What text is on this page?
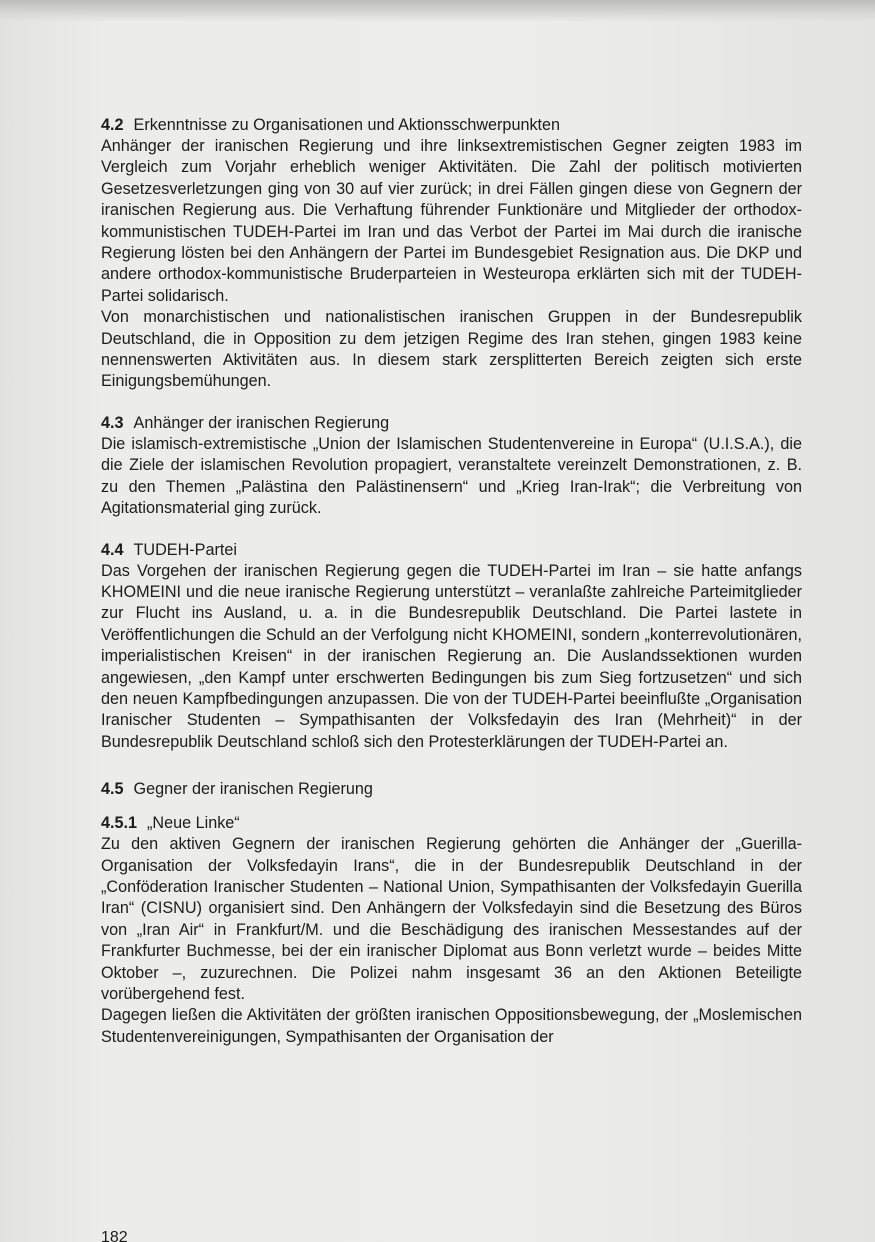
4.2 Erkenntnisse zu Organisationen und Aktionsschwerpunkten

Anhänger der iranischen Regierung und ihre linksextremistischen Gegner zeigten 1983 im Vergleich zum Vorjahr erheblich weniger Aktivitäten. Die Zahl der politisch motivierten Gesetzesverletzungen ging von 30 auf vier zurück; in drei Fällen gingen diese von Gegnern der iranischen Regierung aus. Die Verhaftung führender Funktionäre und Mitglieder der orthodox-kommunistischen TUDEH-Partei im Iran und das Verbot der Partei im Mai durch die iranische Regierung lösten bei den Anhängern der Partei im Bundesgebiet Resignation aus. Die DKP und andere orthodox-kommunistische Bruderparteien in Westeuropa erklärten sich mit der TUDEH-Partei solidarisch.

Von monarchistischen und nationalistischen iranischen Gruppen in der Bundesrepublik Deutschland, die in Opposition zu dem jetzigen Regime des Iran stehen, gingen 1983 keine nennenswerten Aktivitäten aus. In diesem stark zersplitterten Bereich zeigten sich erste Einigungsbemühungen.

4.3 Anhänger der iranischen Regierung

Die islamisch-extremistische „Union der Islamischen Studentenvereine in Europa“ (U.I.S.A.), die die Ziele der islamischen Revolution propagiert, veranstaltete vereinzelt Demonstrationen, z. B. zu den Themen „Palästina den Palästinensern“ und „Krieg Iran-Irak“; die Verbreitung von Agitationsmaterial ging zurück.

4.4 TUDEH-Partei

Das Vorgehen der iranischen Regierung gegen die TUDEH-Partei im Iran – sie hatte anfangs KHOMEINI und die neue iranische Regierung unterstützt – veranlaßte zahlreiche Parteimitglieder zur Flucht ins Ausland, u. a. in die Bundesrepublik Deutschland. Die Partei lastete in Veröffentlichungen die Schuld an der Verfolgung nicht KHOMEINI, sondern „konterrevolutionären, imperialistischen Kreisen“ in der iranischen Regierung an. Die Auslandssektionen wurden angewiesen, „den Kampf unter erschwerten Bedingungen bis zum Sieg fortzusetzen“ und sich den neuen Kampfbedingungen anzupassen. Die von der TUDEH-Partei beeinflußte „Organisation Iranischer Studenten – Sympathisanten der Volksfedayin des Iran (Mehrheit)“ in der Bundesrepublik Deutschland schloß sich den Protesterklärungen der TUDEH-Partei an.

4.5 Gegner der iranischen Regierung
4.5.1 „Neue Linke“

Zu den aktiven Gegnern der iranischen Regierung gehörten die Anhänger der „Guerilla-Organisation der Volksfedayin Irans“, die in der Bundesrepublik Deutschland in der „Conföderation Iranischer Studenten – National Union, Sympathisanten der Volksfedayin Guerilla Iran“ (CISNU) organisiert sind. Den Anhängern der Volksfedayin sind die Besetzung des Büros von „Iran Air“ in Frankfurt/M. und die Beschädigung des iranischen Messestandes auf der Frankfurter Buchmesse, bei der ein iranischer Diplomat aus Bonn verletzt wurde – beides Mitte Oktober –, zuzurechnen. Die Polizei nahm insgesamt 36 an den Aktionen Beteiligte vorübergehend fest.

Dagegen ließen die Aktivitäten der größten iranischen Oppositionsbewegung, der „Moslemischen Studentenvereinigungen, Sympathisanten der Organisation der

182
